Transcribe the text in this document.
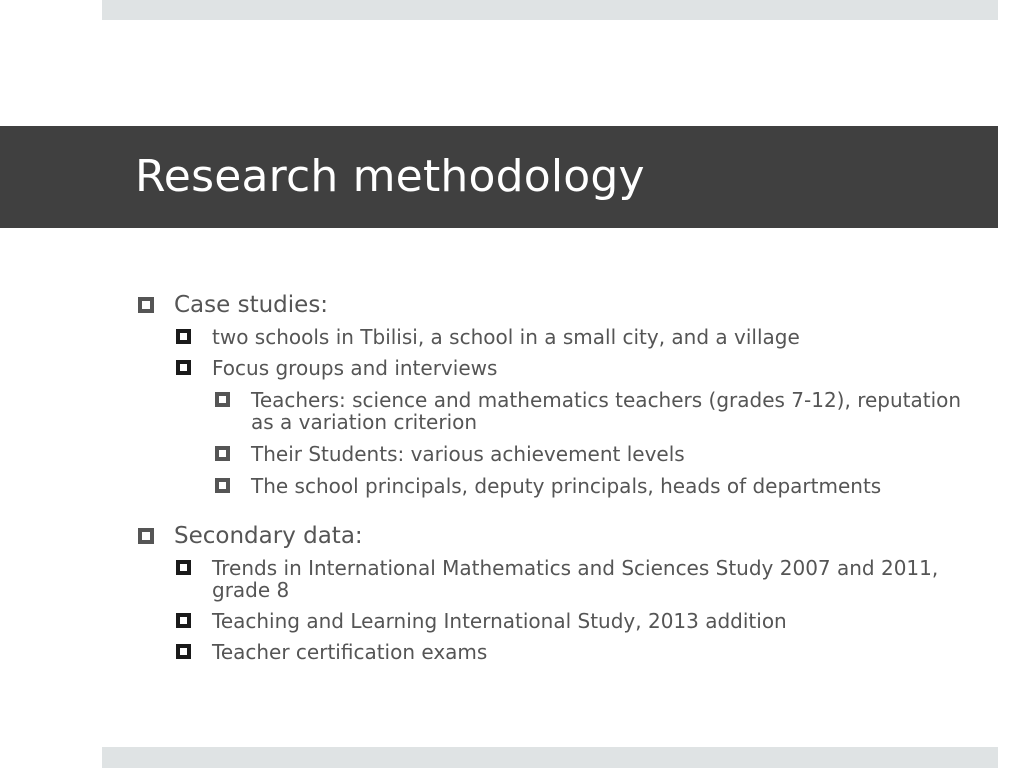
Research methodology
Case studies:
two schools in Tbilisi, a school in a small city, and a village
Focus groups and interviews
Teachers: science and mathematics teachers (grades 7-12), reputation as a variation criterion
Their Students: various achievement levels
The school principals, deputy principals, heads of departments
Secondary data:
Trends in International Mathematics and Sciences Study 2007 and 2011, grade 8
Teaching and Learning International Study, 2013 addition
Teacher certification exams
